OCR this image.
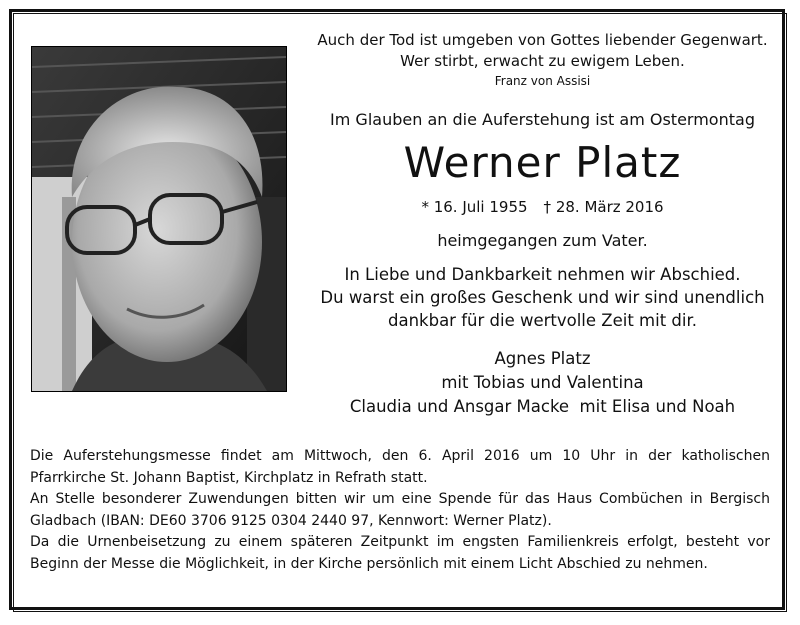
Auch der Tod ist umgeben von Gottes liebender Gegenwart.
Wer stirbt, erwacht zu ewigem Leben.
Franz von Assisi
Im Glauben an die Auferstehung ist am Ostermontag
Werner Platz
* 16. Juli 1955 † 28. März 2016
heimgegangen zum Vater.
In Liebe und Dankbarkeit nehmen wir Abschied.
Du warst ein großes Geschenk und wir sind unendlich
dankbar für die wertvolle Zeit mit dir.
Agnes Platz
mit Tobias und Valentina
Claudia und Ansgar Macke  mit Elisa und Noah

Die Auferstehungsmesse findet am Mittwoch, den 6. April 2016 um 10 Uhr in der katholischen Pfarrkirche St. Johann Baptist, Kirchplatz in Refrath statt.

An Stelle besonderer Zuwendungen bitten wir um eine Spende für das Haus Combüchen in Bergisch Gladbach (IBAN: DE60 3706 9125 0304 2440 97, Kennwort: Werner Platz).

Da die Urnenbeisetzung zu einem späteren Zeitpunkt im engsten Familienkreis erfolgt, besteht vor Beginn der Messe die Möglichkeit, in der Kirche persönlich mit einem Licht Abschied zu nehmen.
